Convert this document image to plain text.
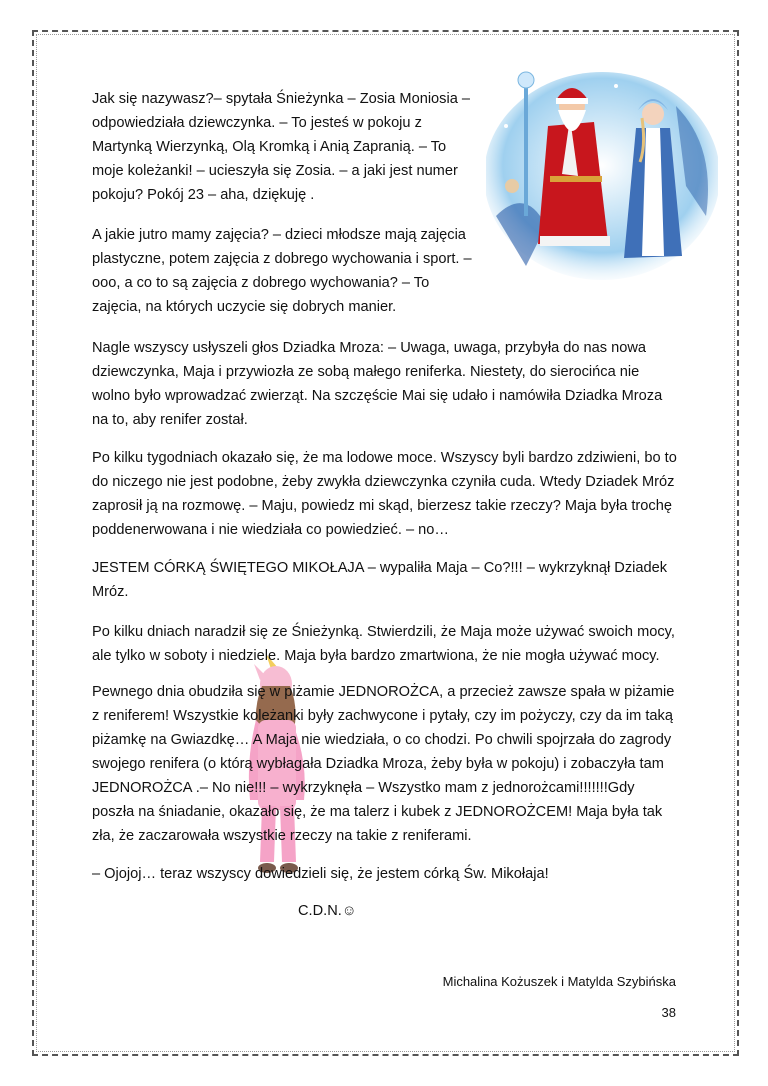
Jak się nazywasz?– spytała Śnieżynka – Zosia Moniosia – odpowiedziała dziewczynka. – To jesteś w pokoju z Martynką Wierzynką, Olą Kromką i Anią Zapranią. – To moje koleżanki! – ucieszyła się Zosia. – a jaki jest numer pokoju? Pokój 23 – aha, dziękuję .

A jakie jutro mamy zajęcia? – dzieci młodsze mają zajęcia plastyczne, potem zajęcia z dobrego wychowania i sport. – ooo, a co to są zajęcia z dobrego wychowania? – To zajęcia, na których uczycie się dobrych manier.

Nagle wszyscy usłyszeli głos Dziadka Mroza: – Uwaga, uwaga, przybyła do nas nowa dziewczynka, Maja i przywiozła ze sobą małego reniferka. Niestety, do sierocińca nie wolno było wprowadzać zwierząt. Na szczęście Mai się udało i namówiła Dziadka Mroza na to, aby renifer został.

Po kilku tygodniach okazało się, że ma lodowe moce. Wszyscy byli bardzo zdziwieni, bo to do niczego nie jest podobne, żeby zwykła dziewczynka czyniła cuda. Wtedy Dziadek Mróz zaprosił ją na rozmowę. – Maju, powiedz mi skąd, bierzesz takie rzeczy? Maja była trochę poddenerwowana i nie wiedziała co powiedzieć. – no…

JESTEM CÓRKĄ ŚWIĘTEGO MIKOŁAJA – wypaliła Maja – Co?!!! – wykrzyknął Dziadek Mróz.

Po kilku dniach naradził się ze Śnieżynką. Stwierdzili, że Maja może używać swoich mocy, ale tylko w soboty i niedziele. Maja była bardzo zmartwiona, że nie mogła używać mocy.

Pewnego dnia obudziła się w piżamie JEDNOROŻCA, a przecież zawsze spała w piżamie z reniferem! Wszystkie koleżanki były zachwycone i pytały, czy im pożyczy, czy da im taką piżamkę na Gwiazdkę… A Maja nie wiedziała, o co chodzi. Po chwili spojrzała do zagrody swojego renifera (o którą wybłagała Dziadka Mroza, żeby była w pokoju) i zobaczyła tam JEDNOROŻCA .– No nie!!! – wykrzyknęła – Wszystko mam z jednorożcami!!!!!!!Gdy poszła na śniadanie, okazało się, że ma talerz i kubek z JEDNOROŻCEM! Maja była tak zła, że zaczarowała wszystkie rzeczy na takie z reniferami.

– Ojojoj… teraz wszyscy dowiedzieli się, że jestem córką Św. Mikołaja!

C.D.N.☺
Michalina Kożuszek i Matylda Szybińska
38
